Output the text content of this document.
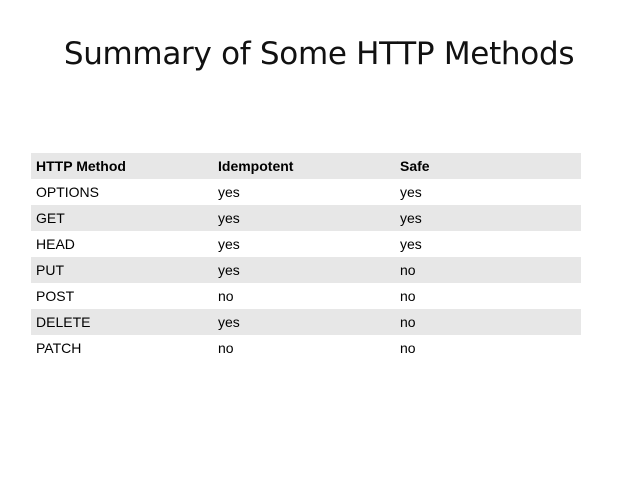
Summary of Some HTTP Methods
HTTP Method	Idempotent	Safe
OPTIONS	yes	yes
GET	yes	yes
HEAD	yes	yes
PUT	yes	no
POST	no	no
DELETE	yes	no
PATCH	no	no
